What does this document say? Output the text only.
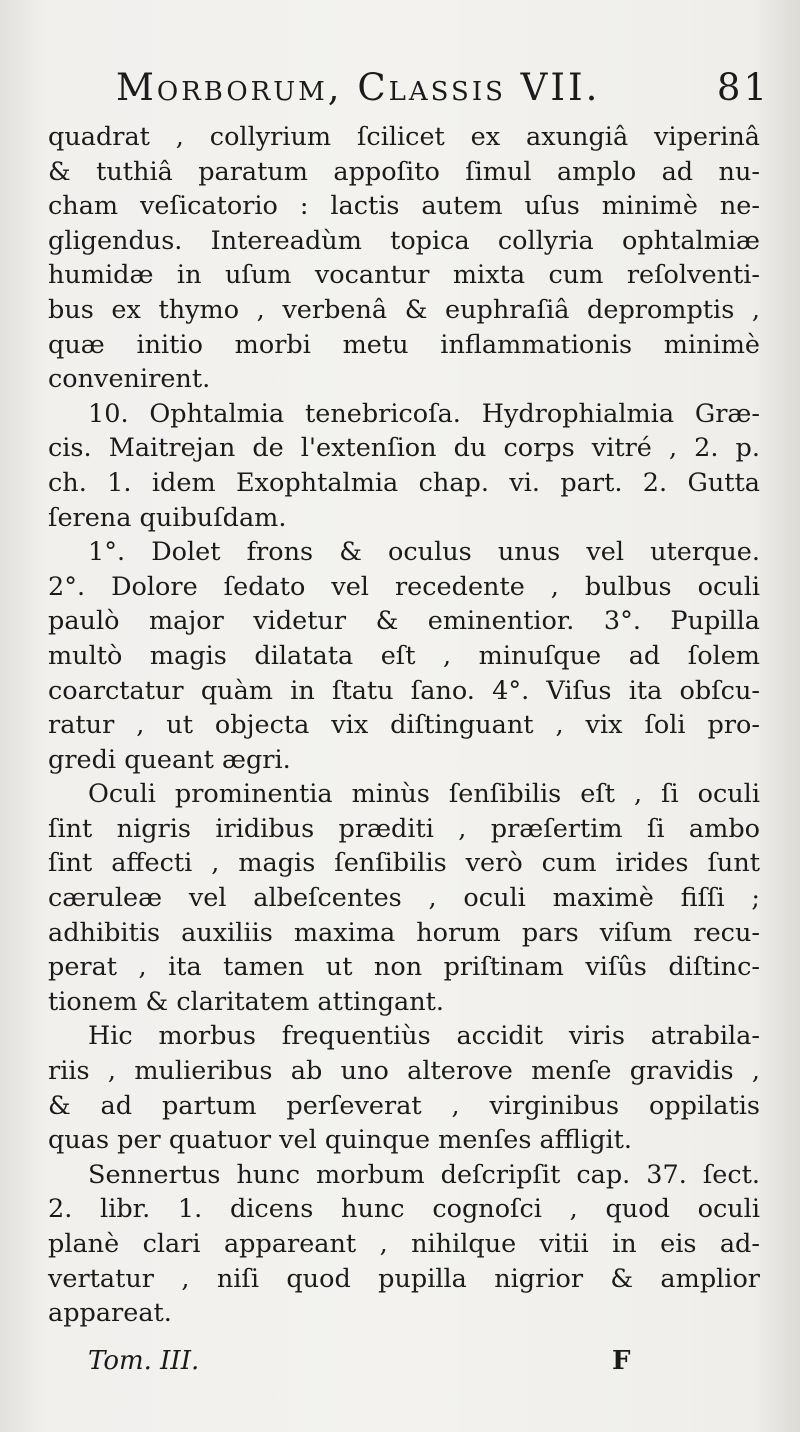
Morborum, Classis VII.	81
quadrat , collyrium ſcilicet ex axungiâ viperinâ
& tuthiâ paratum appoſito ſimul amplo ad nu-
cham veſicatorio : lactis autem uſus minimè ne-
gligendus. Intereadùm topica collyria ophtalmiæ
humidæ in uſum vocantur mixta cum reſolventi-
bus ex thymo , verbenâ & euphraſiâ depromptis ,
quæ initio morbi metu inflammationis minimè
convenirent.
10. Ophtalmia tenebricoſa. Hydrophialmia Græ-
cis. Maitrejan de l'extenſion du corps vitré , 2. p.
ch. 1. idem Exophtalmia chap. vi. part. 2. Gutta
ſerena quibuſdam.
1°. Dolet frons & oculus unus vel uterque.
2°. Dolore ſedato vel recedente , bulbus oculi
paulò major videtur & eminentior. 3°. Pupilla
multò magis dilatata eſt , minuſque ad ſolem
coarctatur quàm in ſtatu ſano. 4°. Viſus ita obſcu-
ratur , ut objecta vix diſtinguant , vix ſoli pro-
gredi queant ægri.
Oculi prominentia minùs ſenſibilis eſt , ſi oculi
ſint nigris iridibus præditi , præſertim ſi ambo
ſint affecti , magis ſenſibilis verò cum irides ſunt
cæruleæ vel albeſcentes , oculi maximè fiſſi ;
adhibitis auxiliis maxima horum pars viſum recu-
perat , ita tamen ut non priſtinam viſûs diſtinc-
tionem & claritatem attingant.
Hic morbus frequentiùs accidit viris atrabila-
riis , mulieribus ab uno alterove menſe gravidis ,
& ad partum perſeverat , virginibus oppilatis
quas per quatuor vel quinque menſes affligit.
Sennertus hunc morbum deſcripſit cap. 37. ſect.
2. libr. 1. dicens hunc cognoſci , quod oculi
planè clari appareant , nihilque vitii in eis ad-
vertatur , niſi quod pupilla nigrior & amplior
appareat.
Tom. III.	F
